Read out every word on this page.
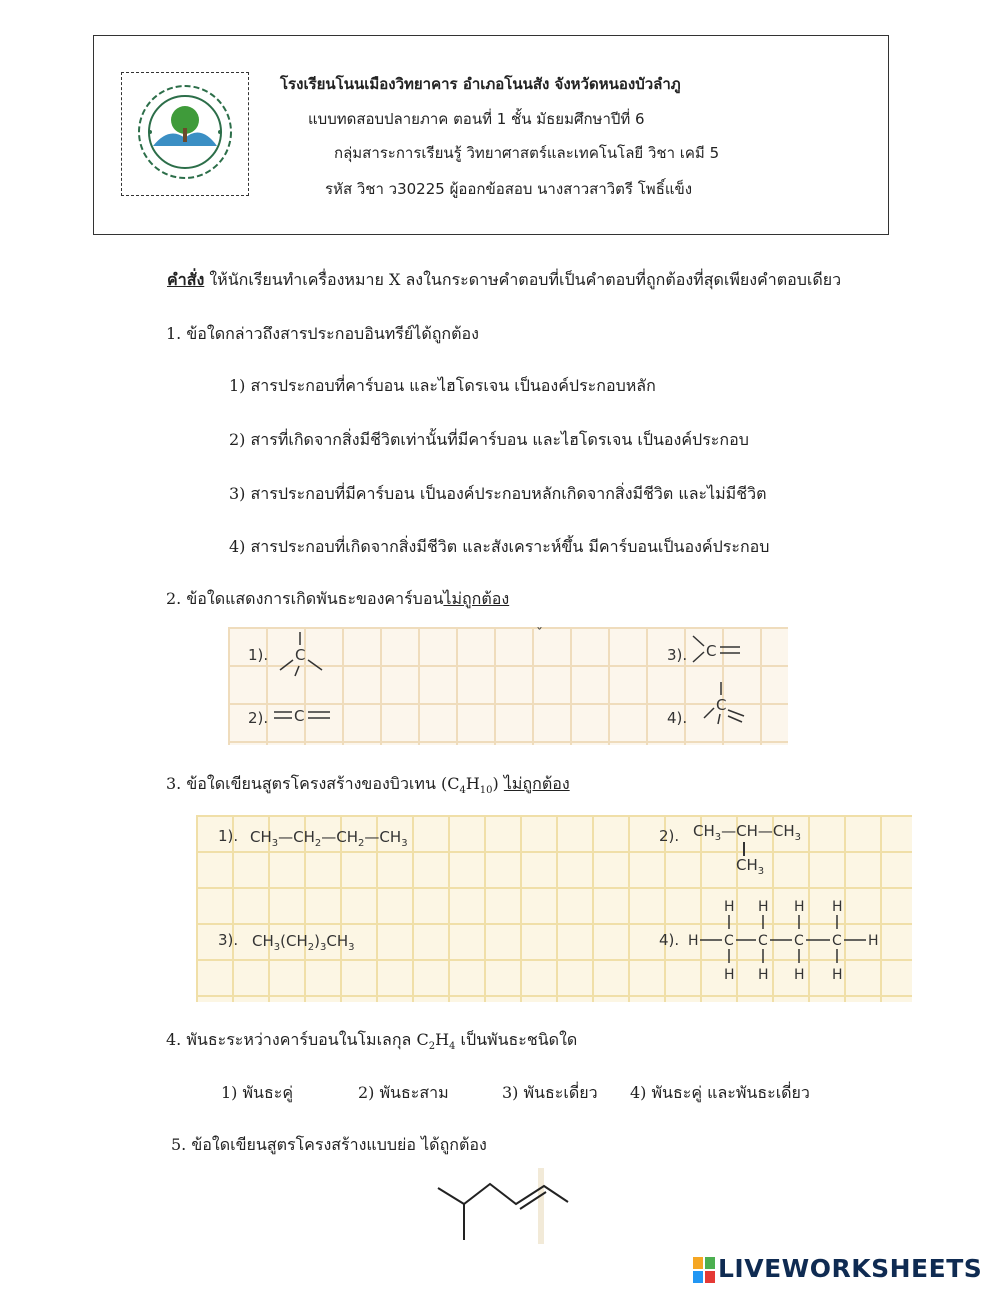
โรงเรียนโนนเมืองวิทยาคาร อำเภอโนนสัง จังหวัดหนองบัวลำภู
แบบทดสอบปลายภาค ตอนที่ 1 ชั้น มัธยมศึกษาปีที่ 6
กลุ่มสาระการเรียนรู้ วิทยาศาสตร์และเทคโนโลยี วิชา เคมี 5
รหัส วิชา ว30225 ผู้ออกข้อสอบ นางสาวสาวิตรี โพธิ์แข็ง
คำสั่ง ให้นักเรียนทำเครื่องหมาย X ลงในกระดาษคำตอบที่เป็นคำตอบที่ถูกต้องที่สุดเพียงคำตอบเดียว
1. ข้อใดกล่าวถึงสารประกอบอินทรีย์ได้ถูกต้อง
1) สารประกอบที่คาร์บอน และไฮโดรเจน เป็นองค์ประกอบหลัก
2) สารที่เกิดจากสิ่งมีชีวิตเท่านั้นที่มีคาร์บอน และไฮโดรเจน เป็นองค์ประกอบ
3) สารประกอบที่มีคาร์บอน เป็นองค์ประกอบหลักเกิดจากสิ่งมีชีวิต และไม่มีชีวิต
4) สารประกอบที่เกิดจากสิ่งมีชีวิต และสังเคราะห์ขึ้น มีคาร์บอนเป็นองค์ประกอบ
2. ข้อใดแสดงการเกิดพันธะของคาร์บอนไม่ถูกต้อง
1).
2).
3).
4).
C
C
C
C
ˇ
3. ข้อใดเขียนสูตรโครงสร้างของบิวเทน $(C_4H_{10})$ ไม่ถูกต้อง
1).	2).
3).	4).
$CH_3—CH_2—CH_2—CH_3$
$CH_3—CH—CH_3$
$CH_3$
$CH_3(CH_2)_3CH_3$
H H H H
H C C C C H
H H H H
4. พันธะระหว่างคาร์บอนในโมเลกุล $C_2H_4$ เป็นพันธะชนิดใด
1) พันธะคู่	2) พันธะสาม	3) พันธะเดี่ยว 4) พันธะคู่ และพันธะเดี่ยว
5. ข้อใดเขียนสูตรโครงสร้างแบบย่อ ได้ถูกต้อง
LIVEWORKSHEETS
